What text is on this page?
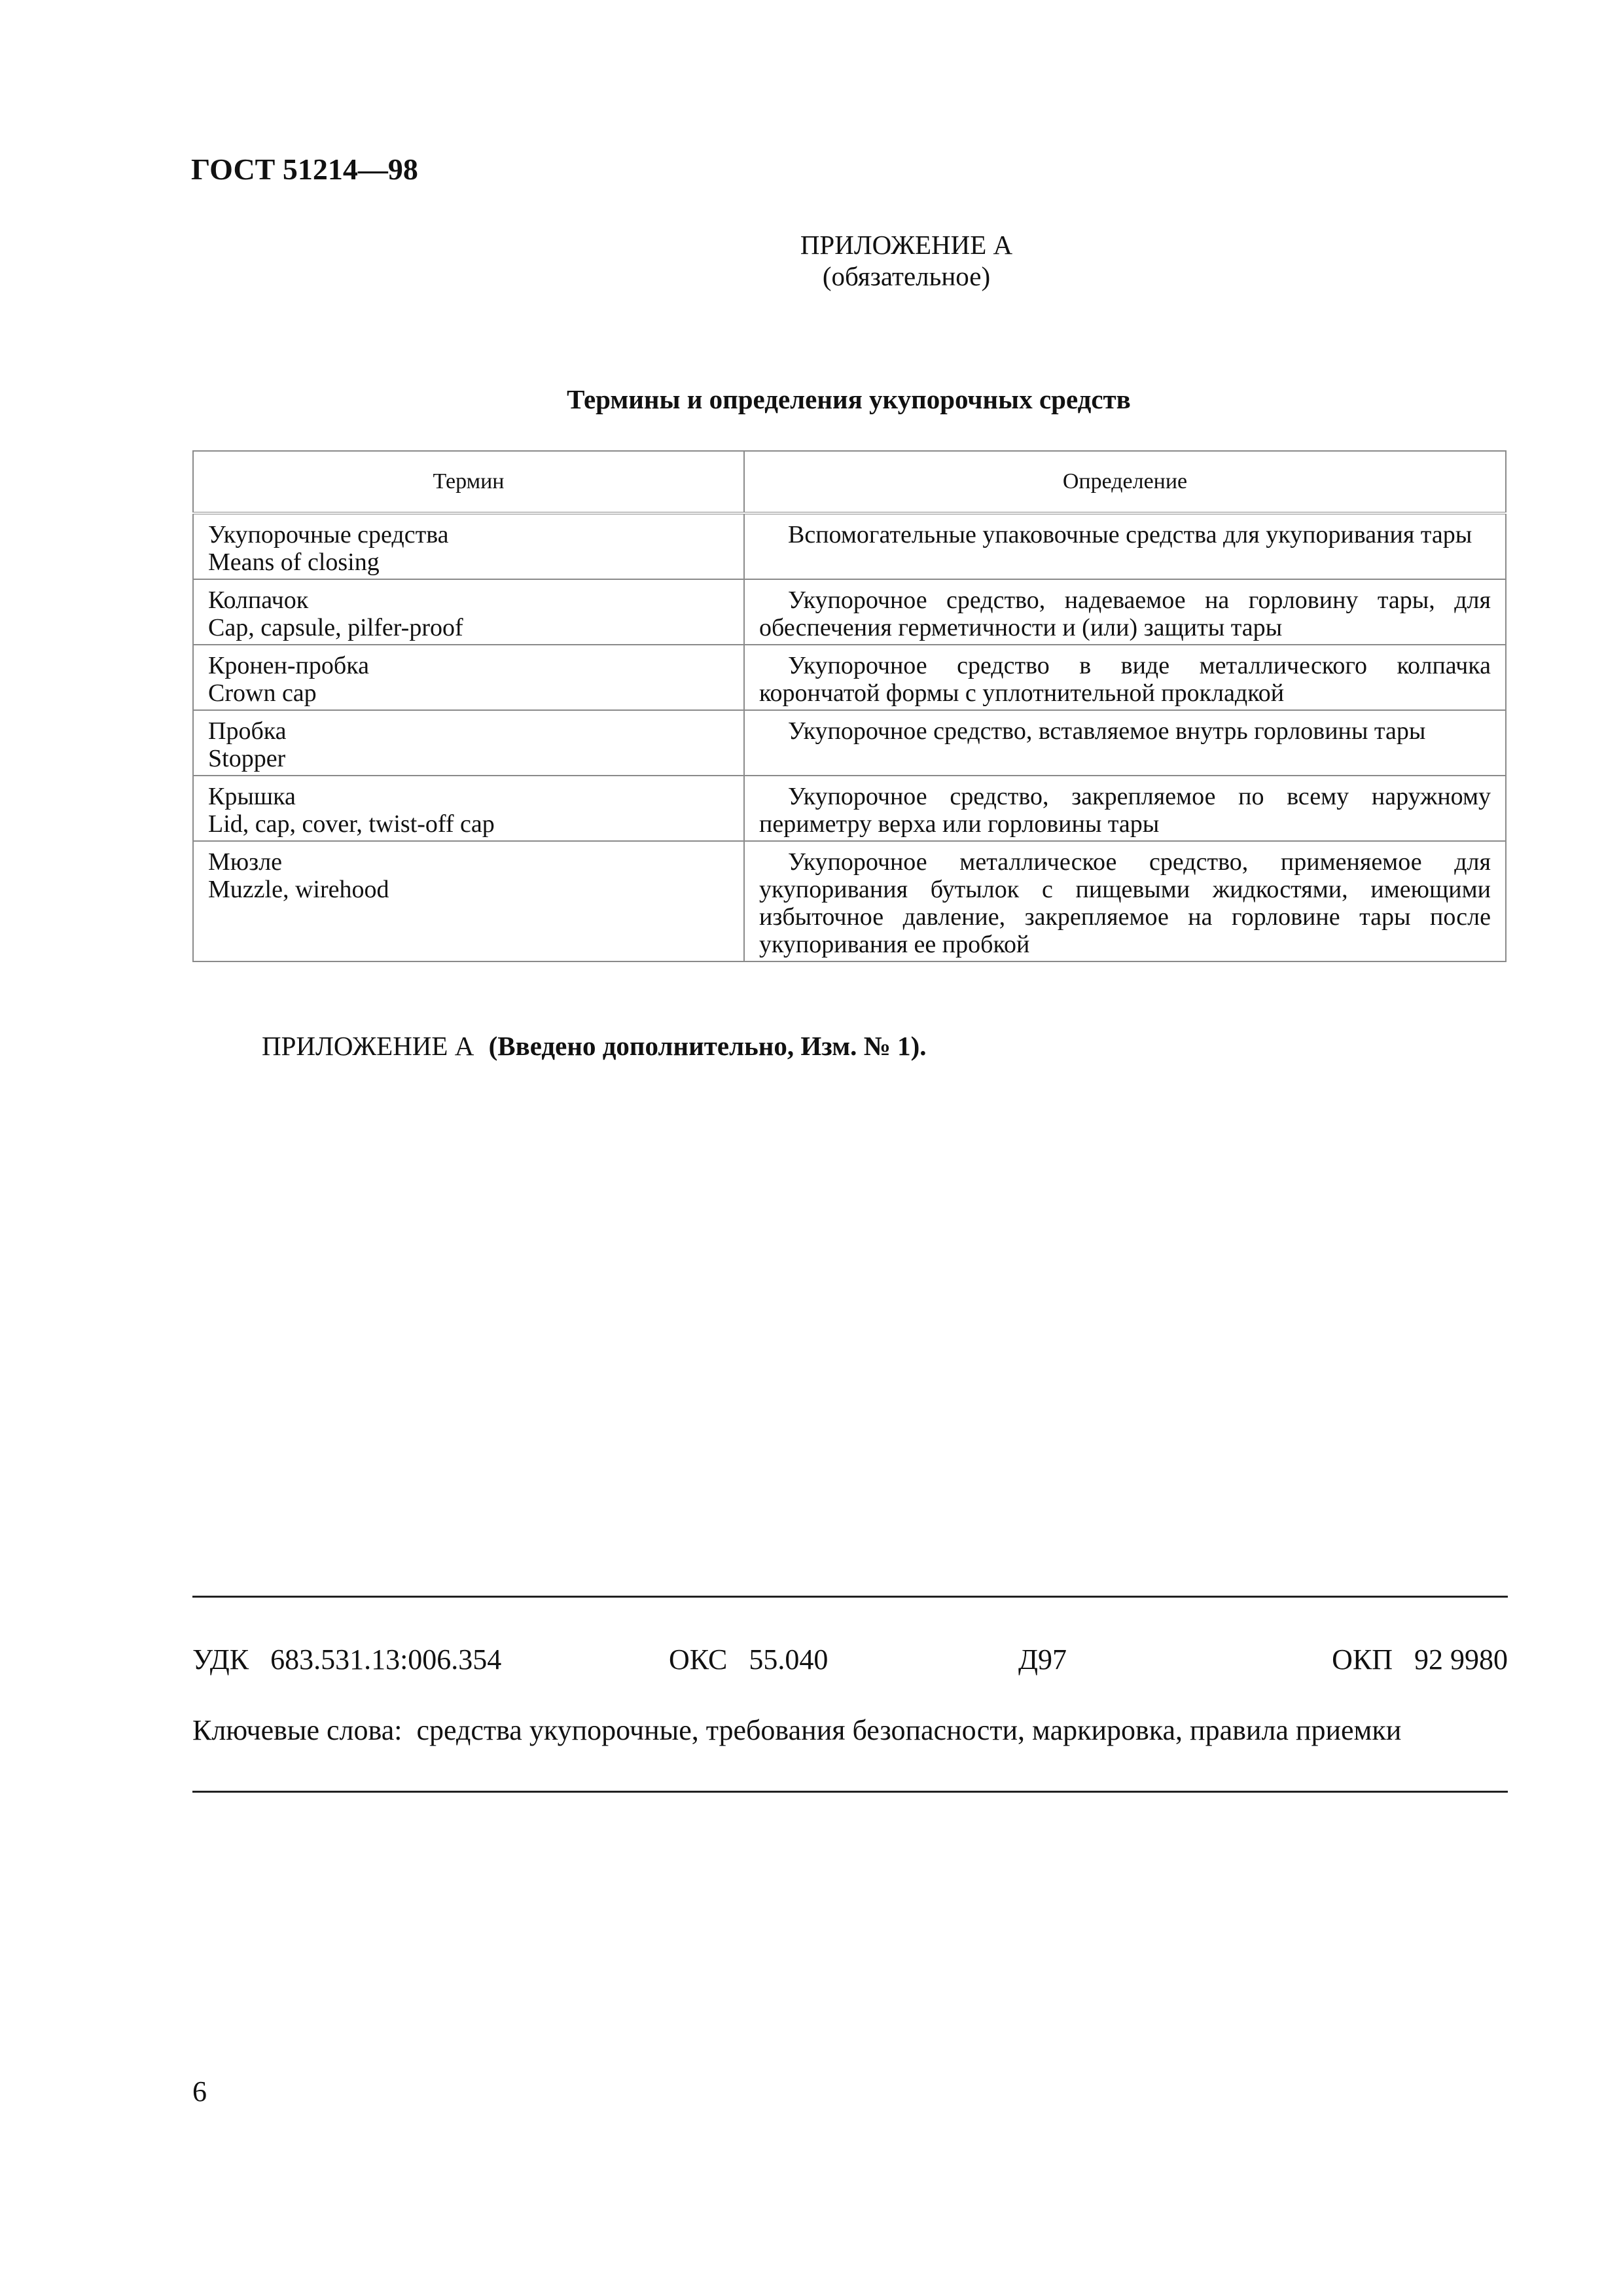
ГОСТ 51214—98
ПРИЛОЖЕНИЕ А
(обязательное)
Термины и определения укупорочных средств
Термин	Определение

Укупорочные средства
Means of closing	Вспомогательные упаковочные средства для укупоривания тары

Колпачок
Cap, capsule, pilfer-proof	Укупорочное средство, надеваемое на горловину тары, для обеспечения герметичности и (или) защиты тары

Кронен-пробка
Crown cap	Укупорочное средство в виде металлического колпачка корончатой формы с уплотнительной прокладкой

Пробка
Stopper	Укупорочное средство, вставляемое внутрь горловины тары

Крышка
Lid, cap, cover, twist-off cap	Укупорочное средство, закрепляемое по всему наружному периметру верха или горловины тары

Мюзле
Muzzle, wirehood	Укупорочное металлическое средство, применяемое для укупоривания бутылок с пищевыми жидкостями, имеющими избыточное давление, закрепляемое на горловине тары после укупоривания ее пробкой
ПРИЛОЖЕНИЕ А (Введено дополнительно, Изм. № 1).
УДК   683.531.13:006.354	ОКС   55.040	Д97	ОКП   92 9980
Ключевые слова: средства укупорочные, требования безопасности, маркировка, правила приемки
6
